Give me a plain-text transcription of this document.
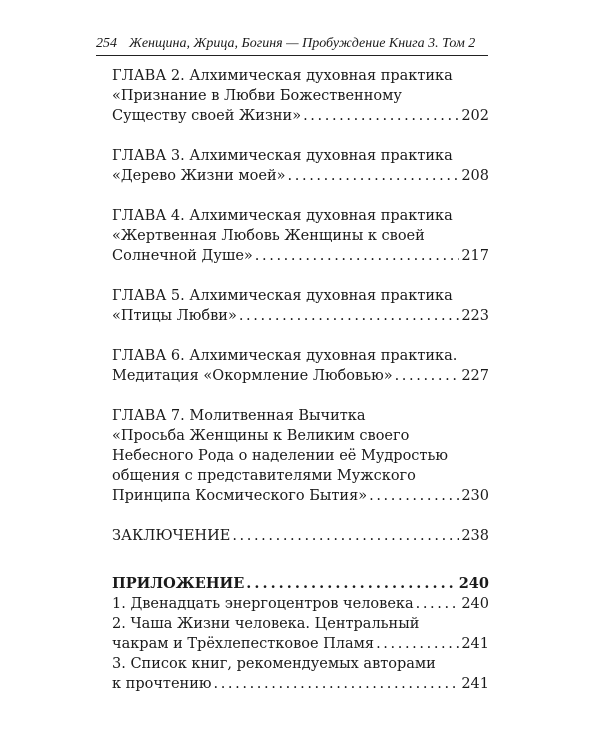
254 Женщина, Жрица, Богиня — Пробуждение Книга 3. Том 2
ГЛАВА 2. Алхимическая духовная практика
«Признание в Любви Божественному
Существу своей Жизни» . . .	202
ГЛАВА 3. Алхимическая духовная практика
«Дерево Жизни моей» . . .	208
ГЛАВА 4. Алхимическая духовная практика
«Жертвенная Любовь Женщины к своей
Солнечной Душе» . . .	217
ГЛАВА 5. Алхимическая духовная практика
«Птицы Любви» . . .	223
ГЛАВА 6. Алхимическая духовная практика.
Медитация «Окормление Любовью» . . .	227
ГЛАВА 7. Молитвенная Вычитка
«Просьба Женщины к Великим своего
Небесного Рода о наделении её Мудростью
общения с представителями Мужского
Принципа Космического Бытия» . . .	230
ЗАКЛЮЧЕНИЕ . . .	238
ПРИЛОЖЕНИЕ . . .	240
1. Двенадцать энергоцентров человека . . .	240
2. Чаша Жизни человека. Центральный
чакрам и Трёхлепестковое Пламя . . .	241
3. Список книг, рекомендуемых авторами
к прочтению . . .	241
